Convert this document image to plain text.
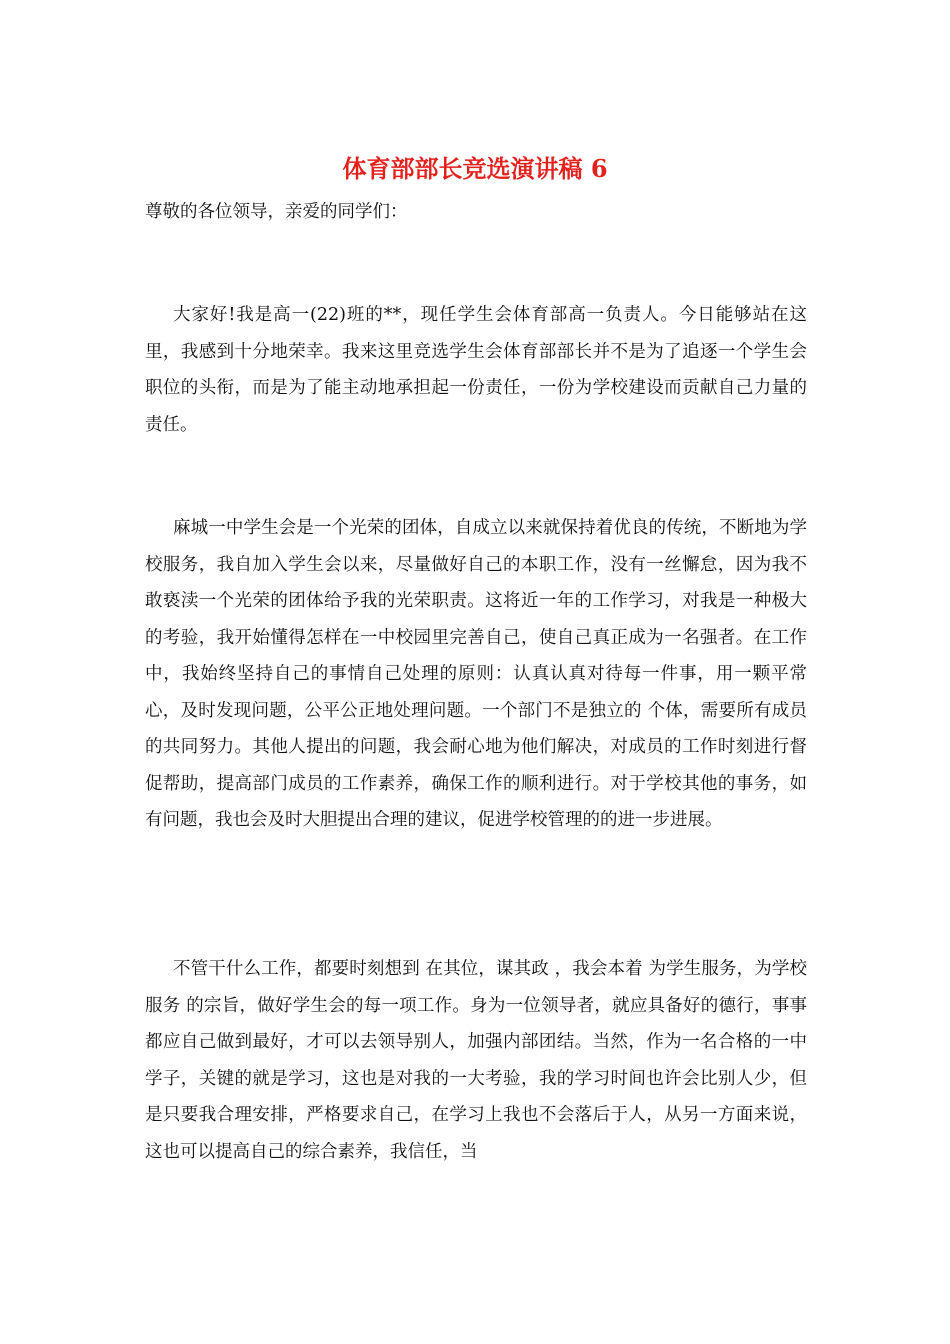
体育部部长竞选演讲稿 6

尊敬的各位领导，亲爱的同学们：

大家好!我是高一(22)班的**，现任学生会体育部高一负责人。今日能够站在这里，我感到十分地荣幸。我来这里竞选学生会体育部部长并不是为了追逐一个学生会职位的头衔，而是为了能主动地承担起一份责任，一份为学校建设而贡献自己力量的责任。

麻城一中学生会是一个光荣的团体，自成立以来就保持着优良的传统，不断地为学校服务，我自加入学生会以来，尽量做好自己的本职工作，没有一丝懈怠，因为我不敢亵渎一个光荣的团体给予我的光荣职责。这将近一年的工作学习，对我是一种极大的考验，我开始懂得怎样在一中校园里完善自己，使自己真正成为一名强者。在工作中，我始终坚持自己的事情自己处理的原则：认真认真对待每一件事，用一颗平常心，及时发现问题，公平公正地处理问题。一个部门不是独立的 个体，需要所有成员的共同努力。其他人提出的问题，我会耐心地为他们解决，对成员的工作时刻进行督促帮助，提高部门成员的工作素养，确保工作的顺利进行。对于学校其他的事务，如有问题，我也会及时大胆提出合理的建议，促进学校管理的的进一步进展。

不管干什么工作，都要时刻想到 在其位，谋其政 ，我会本着 为学生服务，为学校服务 的宗旨，做好学生会的每一项工作。身为一位领导者，就应具备好的德行，事事都应自己做到最好，才可以去领导别人，加强内部团结。当然，作为一名合格的一中学子，关键的就是学习，这也是对我的一大考验，我的学习时间也许会比别人少，但是只要我合理安排，严格要求自己，在学习上我也不会落后于人，从另一方面来说，这也可以提高自己的综合素养，我信任，当
